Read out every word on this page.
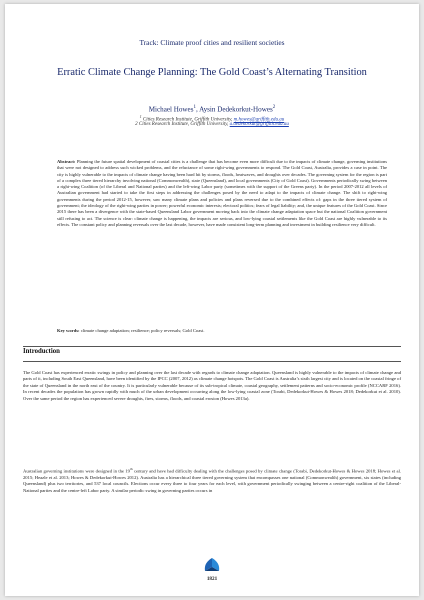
Track: Climate proof cities and resilient societies
Erratic Climate Change Planning: The Gold Coast’s Alternating Transition
Michael Howes$^1$, Aysin Dedekorkut-Howes$^2$
$^1$ Cities Research Institute, Griffith University, m.howes@griffith.edu.au
2 Cities Research Institute, Griffith University, a.dedekorkut@griffith.edu.au
Abstract: Planning the future spatial development of coastal cities is a challenge that has become even more difficult due to the impacts of climate change, governing institutions that were not designed to address such wicked problems, and the reluctance of some right-wing governments to respond. The Gold Coast, Australia, provides a case in point. The city is highly vulnerable to the impacts of climate change having been hard hit by storms, floods, heatwaves, and droughts over decades. The governing system for the region is part of a complex three tiered hierarchy involving national (Commonwealth), state (Queensland), and local governments (City of Gold Coast). Governments periodically swing between a right-wing Coalition (of the Liberal and National parties) and the left-wing Labor party (sometimes with the support of the Greens party). In the period 2007-2012 all levels of Australian government had started to take the first steps in addressing the challenges posed by the need to adapt to the impacts of climate change. The shift to right-wing governments during the period 2012-15, however, saw many climate plans and policies and plans reversed due to the combined effects of: gaps in the three tiered system of government; the ideology of the right-wing parties in power; powerful economic interests; electoral politics; fears of legal liability; and, the unique features of the Gold Coast. Since 2015 there has been a divergence with the state-based Queensland Labor government moving back into the climate change adaptation space but the national Coalition government still refusing to act. The science is clear: climate change is happening, the impacts are serious, and low-lying coastal settlements like the Gold Coast are highly vulnerable to its effects. The constant policy and planning reversals over the last decade, however, have made consistent long-term planning and investment in building resilience very difficult.
Key words: climate change adaptation; resilience; policy reversals; Gold Coast.
Introduction
The Gold Coast has experienced erratic swings in policy and planning over the last decade with regards to climate change adaptation. Queensland is highly vulnerable to the impacts of climate change and parts of it, including South East Queensland, have been identified by the IPCC (2007, 2012) as climate change hotspots. The Gold Coast is Australia’s sixth largest city and is located on the coastal fringe of the state of Queensland in the north east of the country. It is particularly vulnerable because of its sub-tropical climate, coastal geography, settlement patterns and socio-economic profile (NCCARF 2016). In recent decades the population has grown rapidly with much of the urban development occurring along the low-lying coastal zone (Torabi, Dedekorkut-Howes & Howes 2018; Dedekorkut et al. 2010). Over the same period the region has experienced severe droughts, fires, storms, floods, and coastal erosion (Howes 2013a).
Australian governing institutions were designed in the 19th century and have had difficulty dealing with the challenges posed by climate change (Torabi, Dedekorkut-Howes & Howes 2018; Howes et al. 2015; Heazle et al. 2013; Howes & Dedekorkut-Howes 2012). Australia has a hierarchical three tiered governing system that encompasses one national (Commonwealth) government, six states (including Queensland) plus two territories, and 537 local councils. Elections occur every three to four years for each level, with government periodically swinging between a centre-right coalition of the Liberal-National parties and the centre-left Labor party. A similar periodic swing in governing parties occurs in
1821
